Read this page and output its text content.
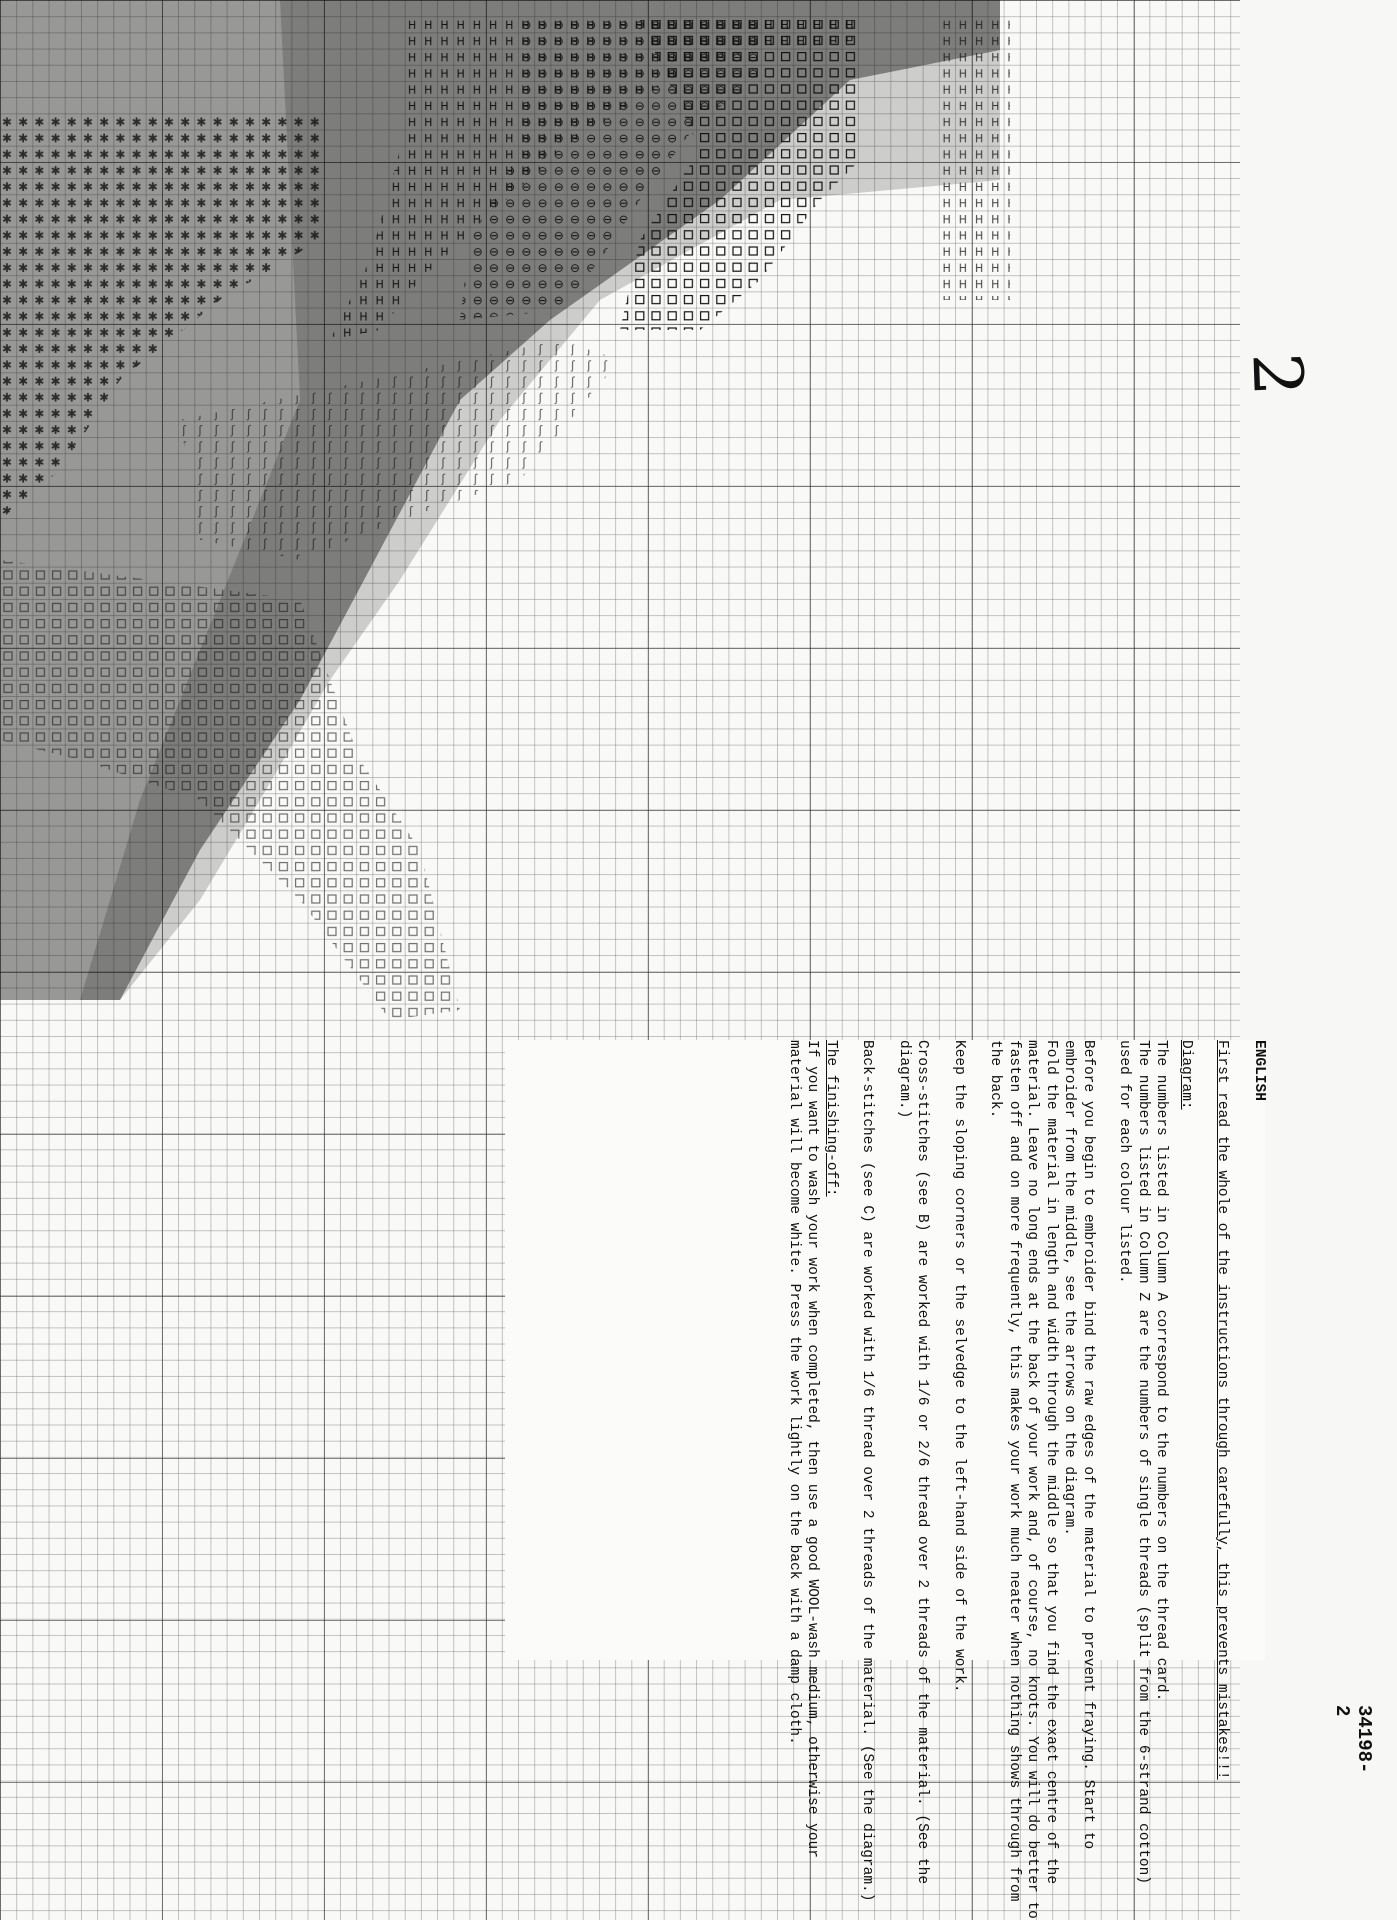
2

ENGLISH

First read the whole of the instructions through carefully, this prevents mistakes!!!

Diagram:

The numbers listed in Column A correspond to the numbers on the thread card.

The numbers listed in Column Z are the numbers of single threads (split from the 6-strand cotton) used for each colour listed.

Before you begin to embroider bind the raw edges of the material to prevent fraying. Start to embroider from the middle, see the arrows on the diagram.

Fold the material in length and width through the middle so that you find the exact centre of the material. Leave no long ends at the back of your work and, of course, no knots. You will do better to fasten off and on more frequently, this makes your work much neater when nothing shows through from the back.

Keep the sloping corners or the selvedge to the left-hand side of the work.

Cross-stitches (see B) are worked with 1/6 or 2/6 thread over 2 threads of the material. (See the diagram.)

Back-stitches (see C) are worked with 1/6 thread over 2 threads of the material. (See the diagram.)

The finishing-off:

If you want to wash your work when completed, then use a good WOOL-wash medium, otherwise your material will become white. Press the work lightly on the back with a damp cloth.	34198-2
